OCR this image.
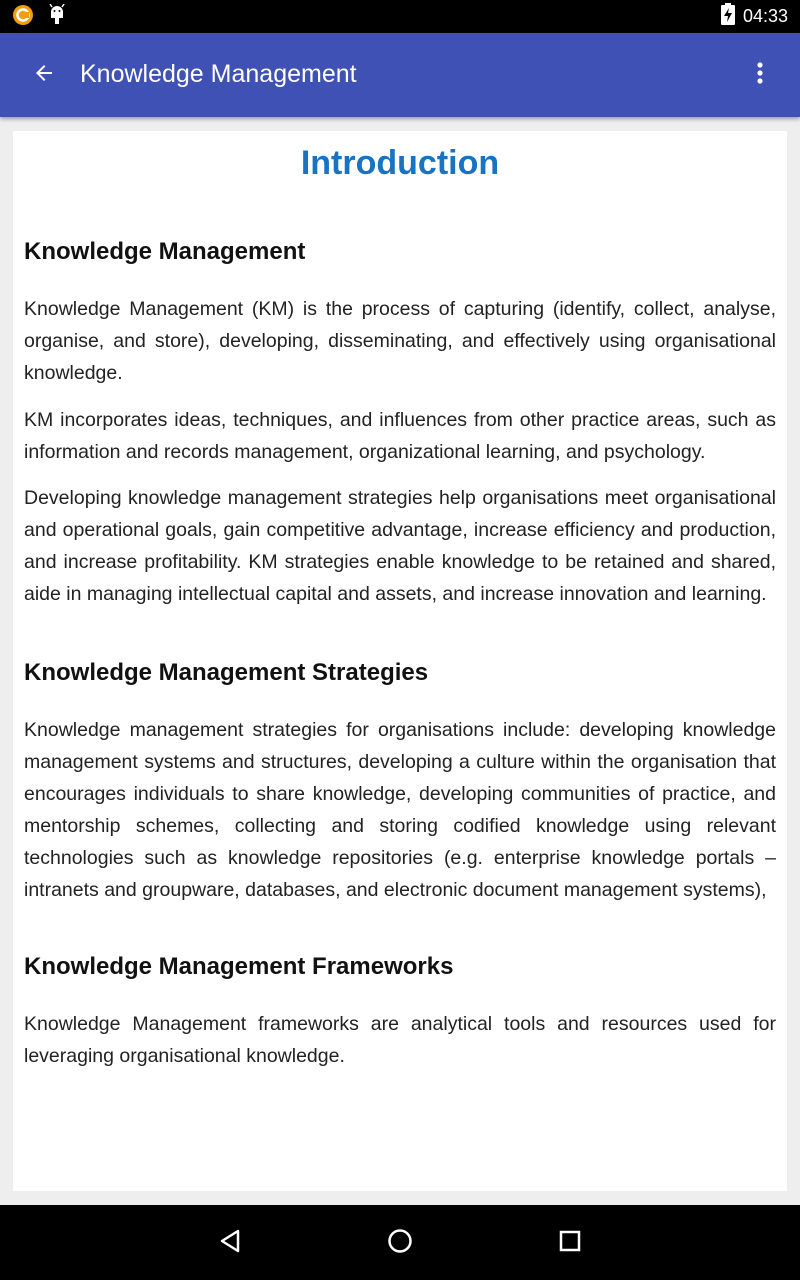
04:33
Knowledge Management
Introduction
Knowledge Management

Knowledge Management (KM) is the process of capturing (identify, collect, analyse, organise, and store), developing, disseminating, and effectively using organisational knowledge.

KM incorporates ideas, techniques, and influences from other practice areas, such as information and records management, organizational learning, and psychology.

Developing knowledge management strategies help organisations meet organisational and operational goals, gain competitive advantage, increase efficiency and production, and increase profitability. KM strategies enable knowledge to be retained and shared, aide in managing intellectual capital and assets, and increase innovation and learning.

Knowledge Management Strategies

Knowledge management strategies for organisations include: developing knowledge management systems and structures, developing a culture within the organisation that encourages individuals to share knowledge, developing communities of practice, and mentorship schemes, collecting and storing codified knowledge using relevant technologies such as knowledge repositories (e.g. enterprise knowledge portals – intranets and groupware, databases, and electronic document management systems),

Knowledge Management Frameworks

Knowledge Management frameworks are analytical tools and resources used for leveraging organisational knowledge.
